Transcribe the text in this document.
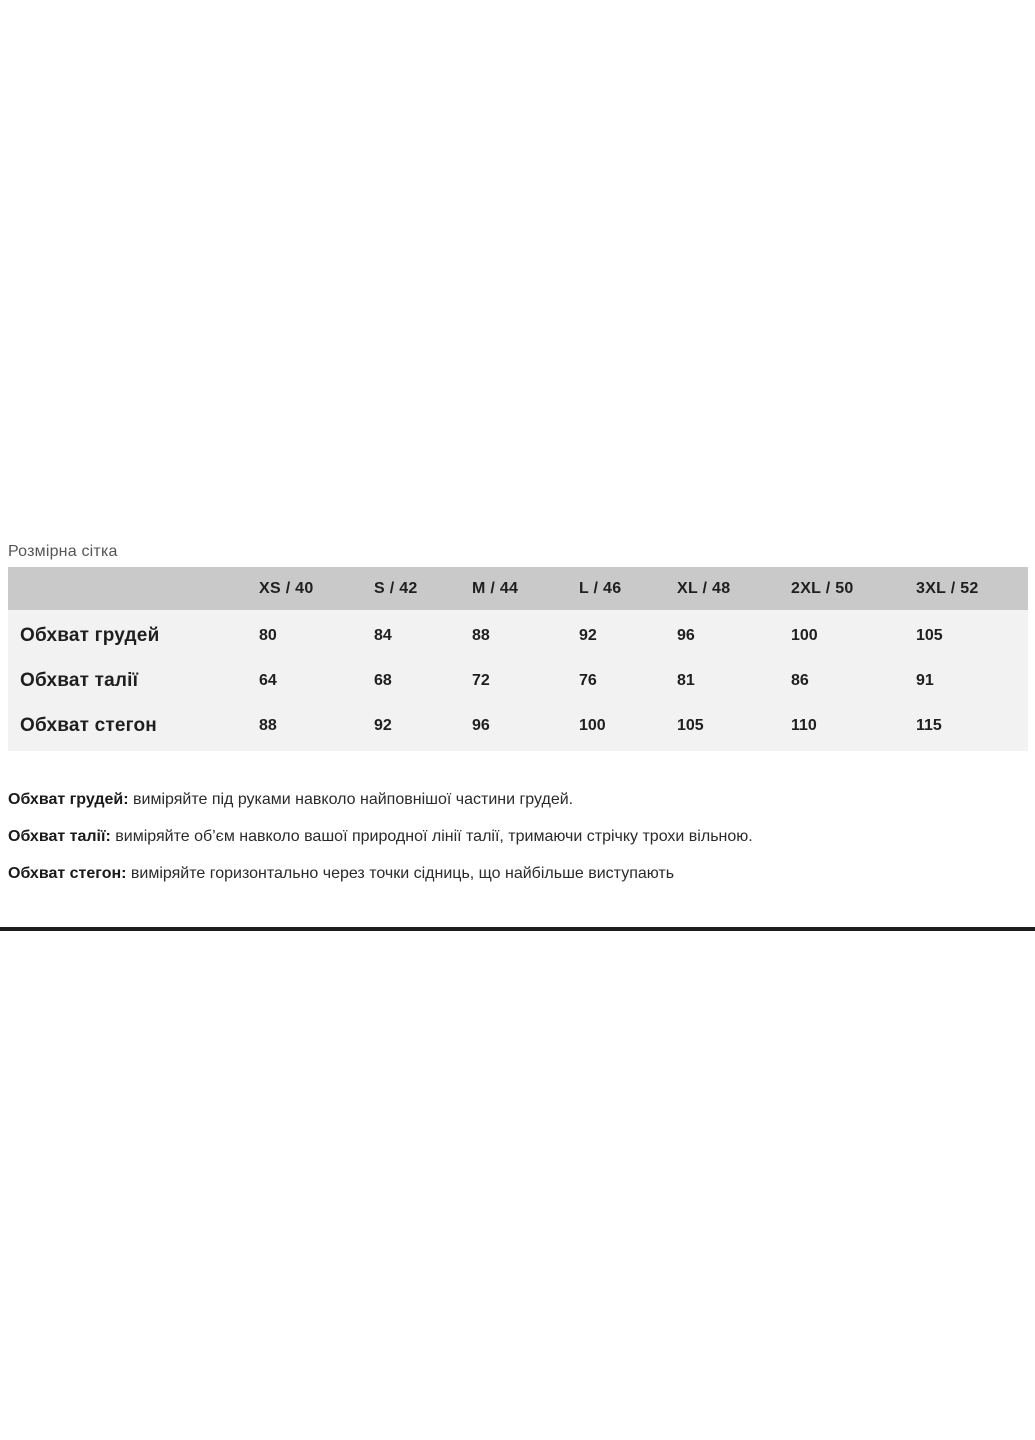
Розмірна сітка
	XS / 40	S / 42	M / 44	L / 46	XL / 48	2XL / 50	3XL / 52
Обхват грудей	80	84	88	92	96	100	105
Обхват талії	64	68	72	76	81	86	91
Обхват стегон	88	92	96	100	105	110	115
Обхват грудей: виміряйте під руками навколо найповнішої частини грудей.
Обхват талії: виміряйте об’єм навколо вашої природної лінії талії, тримаючи стрічку трохи вільною.
Обхват стегон: виміряйте горизонтально через точки сідниць, що найбільше виступають
